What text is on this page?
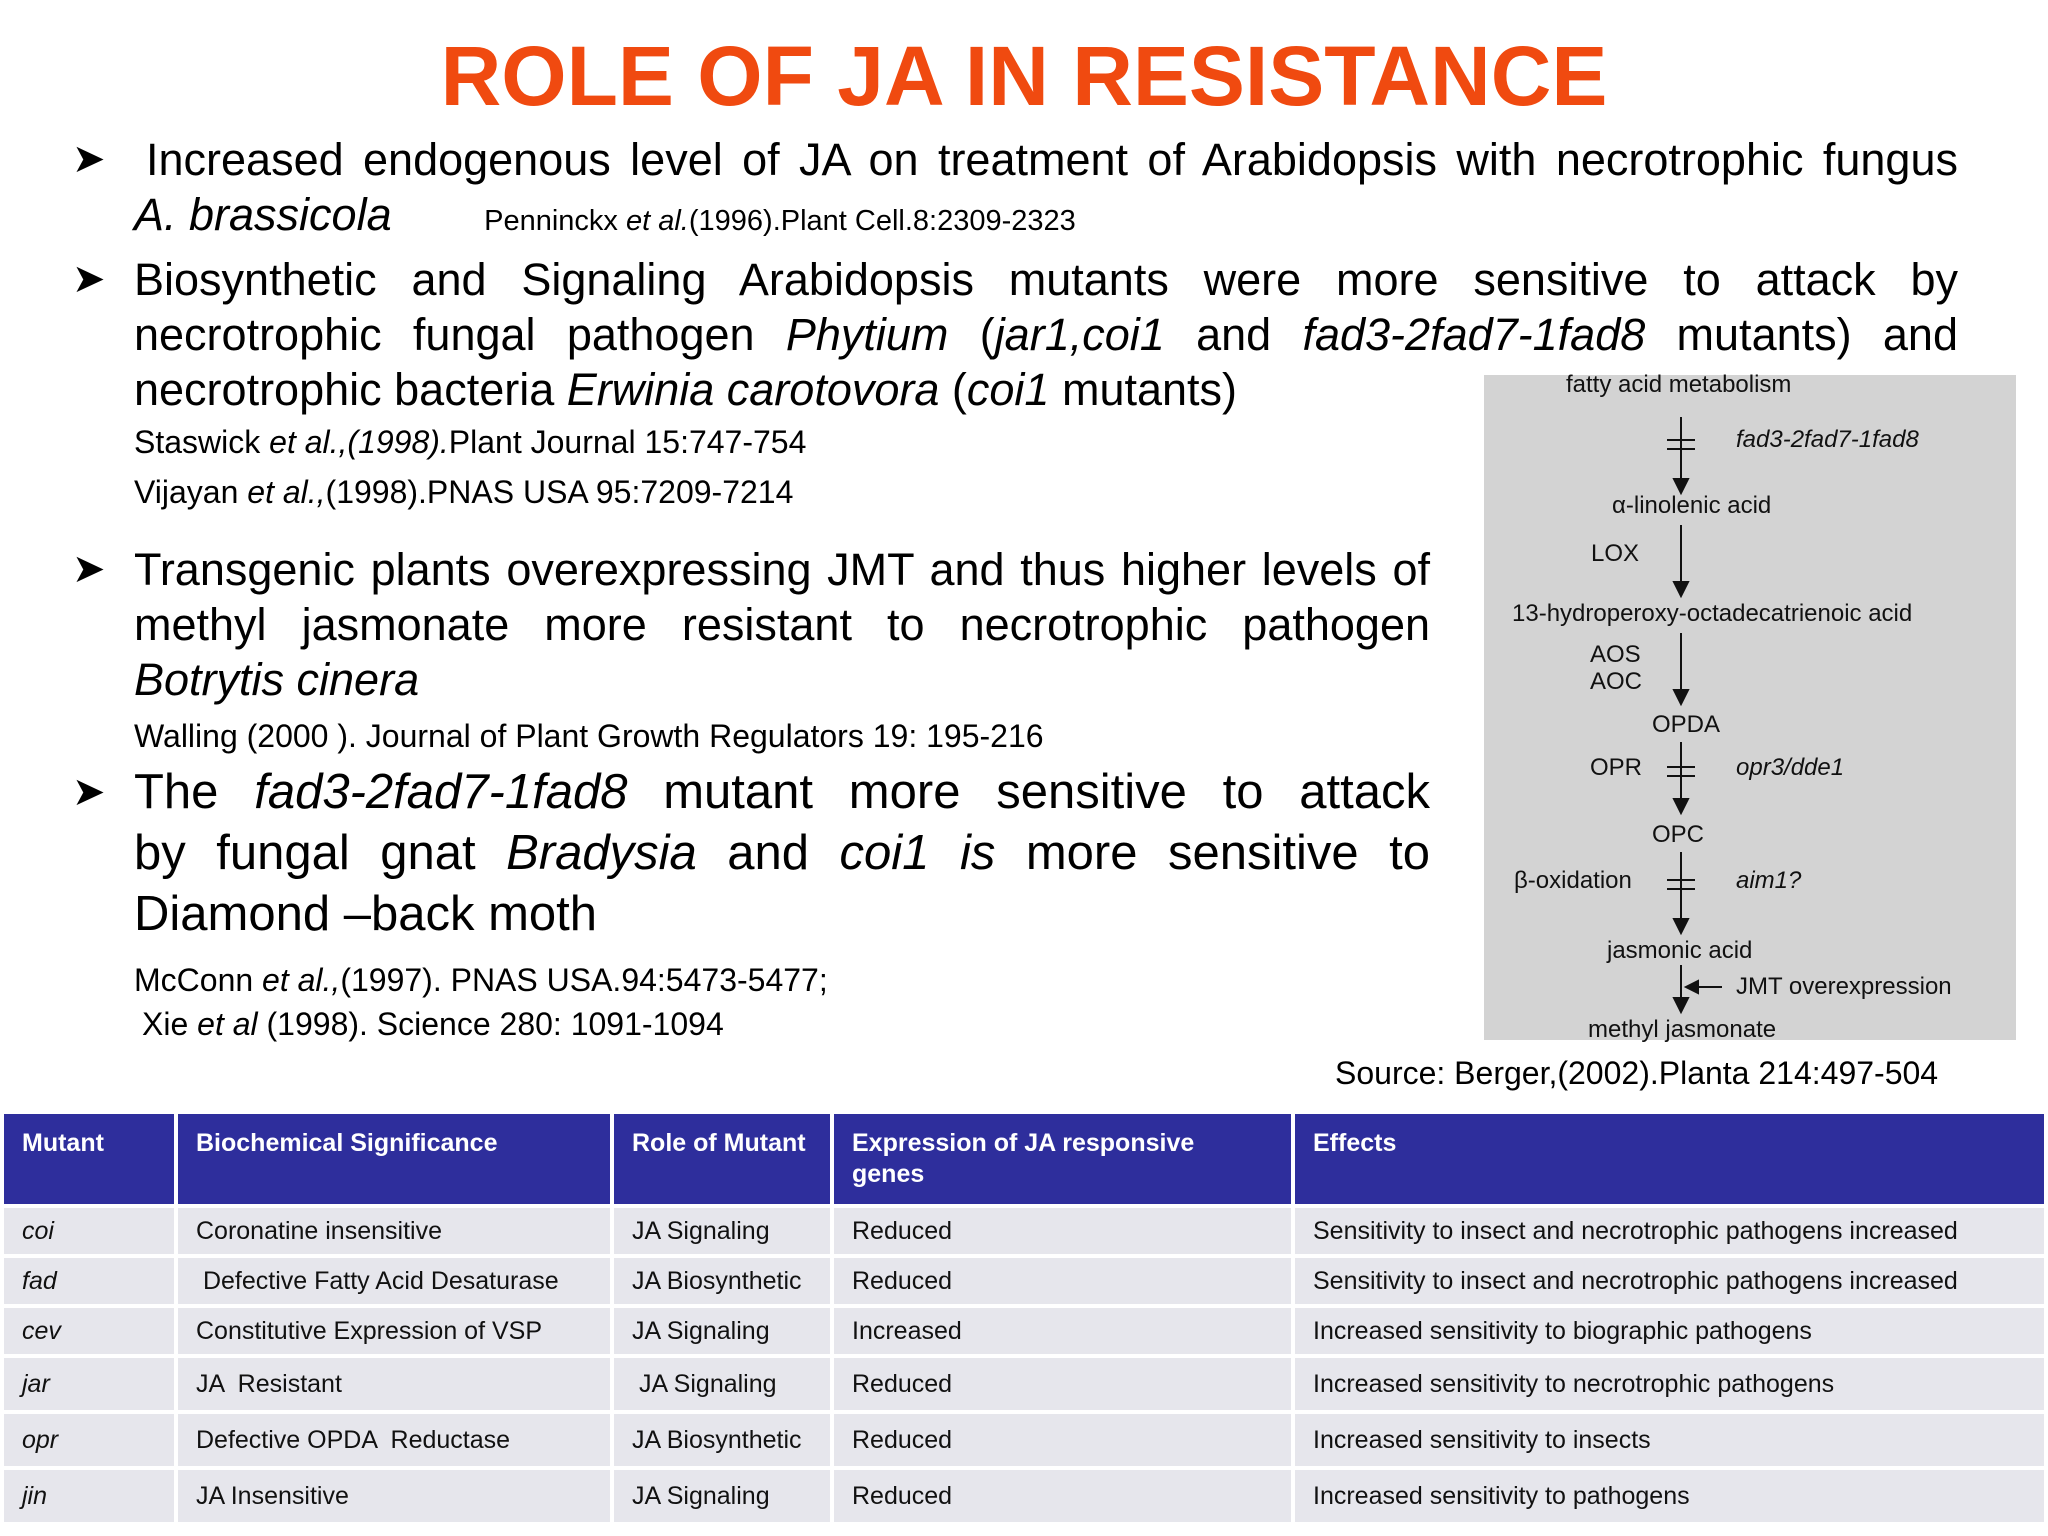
ROLE OF JA IN RESISTANCE
➤ Increased endogenous level of JA on treatment of Arabidopsis with necrotrophic fungus
A. brassicola	Penninckx et al.(1996).Plant Cell.8:2309-2323
➤ Biosynthetic and Signaling Arabidopsis mutants were more sensitive to attack by
necrotrophic fungal pathogen Phytium (jar1,coi1 and fad3-2fad7-1fad8 mutants) and
necrotrophic bacteria Erwinia carotovora (coi1 mutants)
Staswick et al.,(1998).Plant Journal 15:747-754
Vijayan et al.,(1998).PNAS USA 95:7209-7214
➤ Transgenic plants overexpressing JMT and thus higher levels of
methyl jasmonate more resistant to necrotrophic pathogen
Botrytis cinera
Walling (2000 ). Journal of Plant Growth Regulators 19: 195-216
➤ The fad3-2fad7-1fad8 mutant more sensitive to attack
by fungal gnat Bradysia and coi1 is more sensitive to
Diamond –back moth
McConn et al.,(1997). PNAS USA.94:5473-5477;
Xie et al (1998). Science 280: 1091-1094
fatty acid metabolism
fad3-2fad7-1fad8
α-linolenic acid
LOX
13-hydroperoxy-octadecatrienoic acid
AOS
AOC
OPDA
OPR	opr3/dde1
OPC
β-oxidation	aim1?
jasmonic acid
JMT overexpression
methyl jasmonate
Source: Berger,(2002).Planta 214:497-504
Mutant	Biochemical Significance	Role of Mutant	Expression of JA responsive genes	Effects
coi	Coronatine insensitive	JA Signaling	Reduced	Sensitivity to insect and necrotrophic pathogens increased
fad	Defective Fatty Acid Desaturase	JA Biosynthetic	Reduced	Sensitivity to insect and necrotrophic pathogens increased
cev	Constitutive Expression of VSP	JA Signaling	Increased	Increased sensitivity to biographic pathogens
jar	JA  Resistant	JA Signaling	Reduced	Increased sensitivity to necrotrophic pathogens
opr	Defective OPDA  Reductase	JA Biosynthetic	Reduced	Increased sensitivity to insects
jin	JA Insensitive	JA Signaling	Reduced	Increased sensitivity to pathogens
